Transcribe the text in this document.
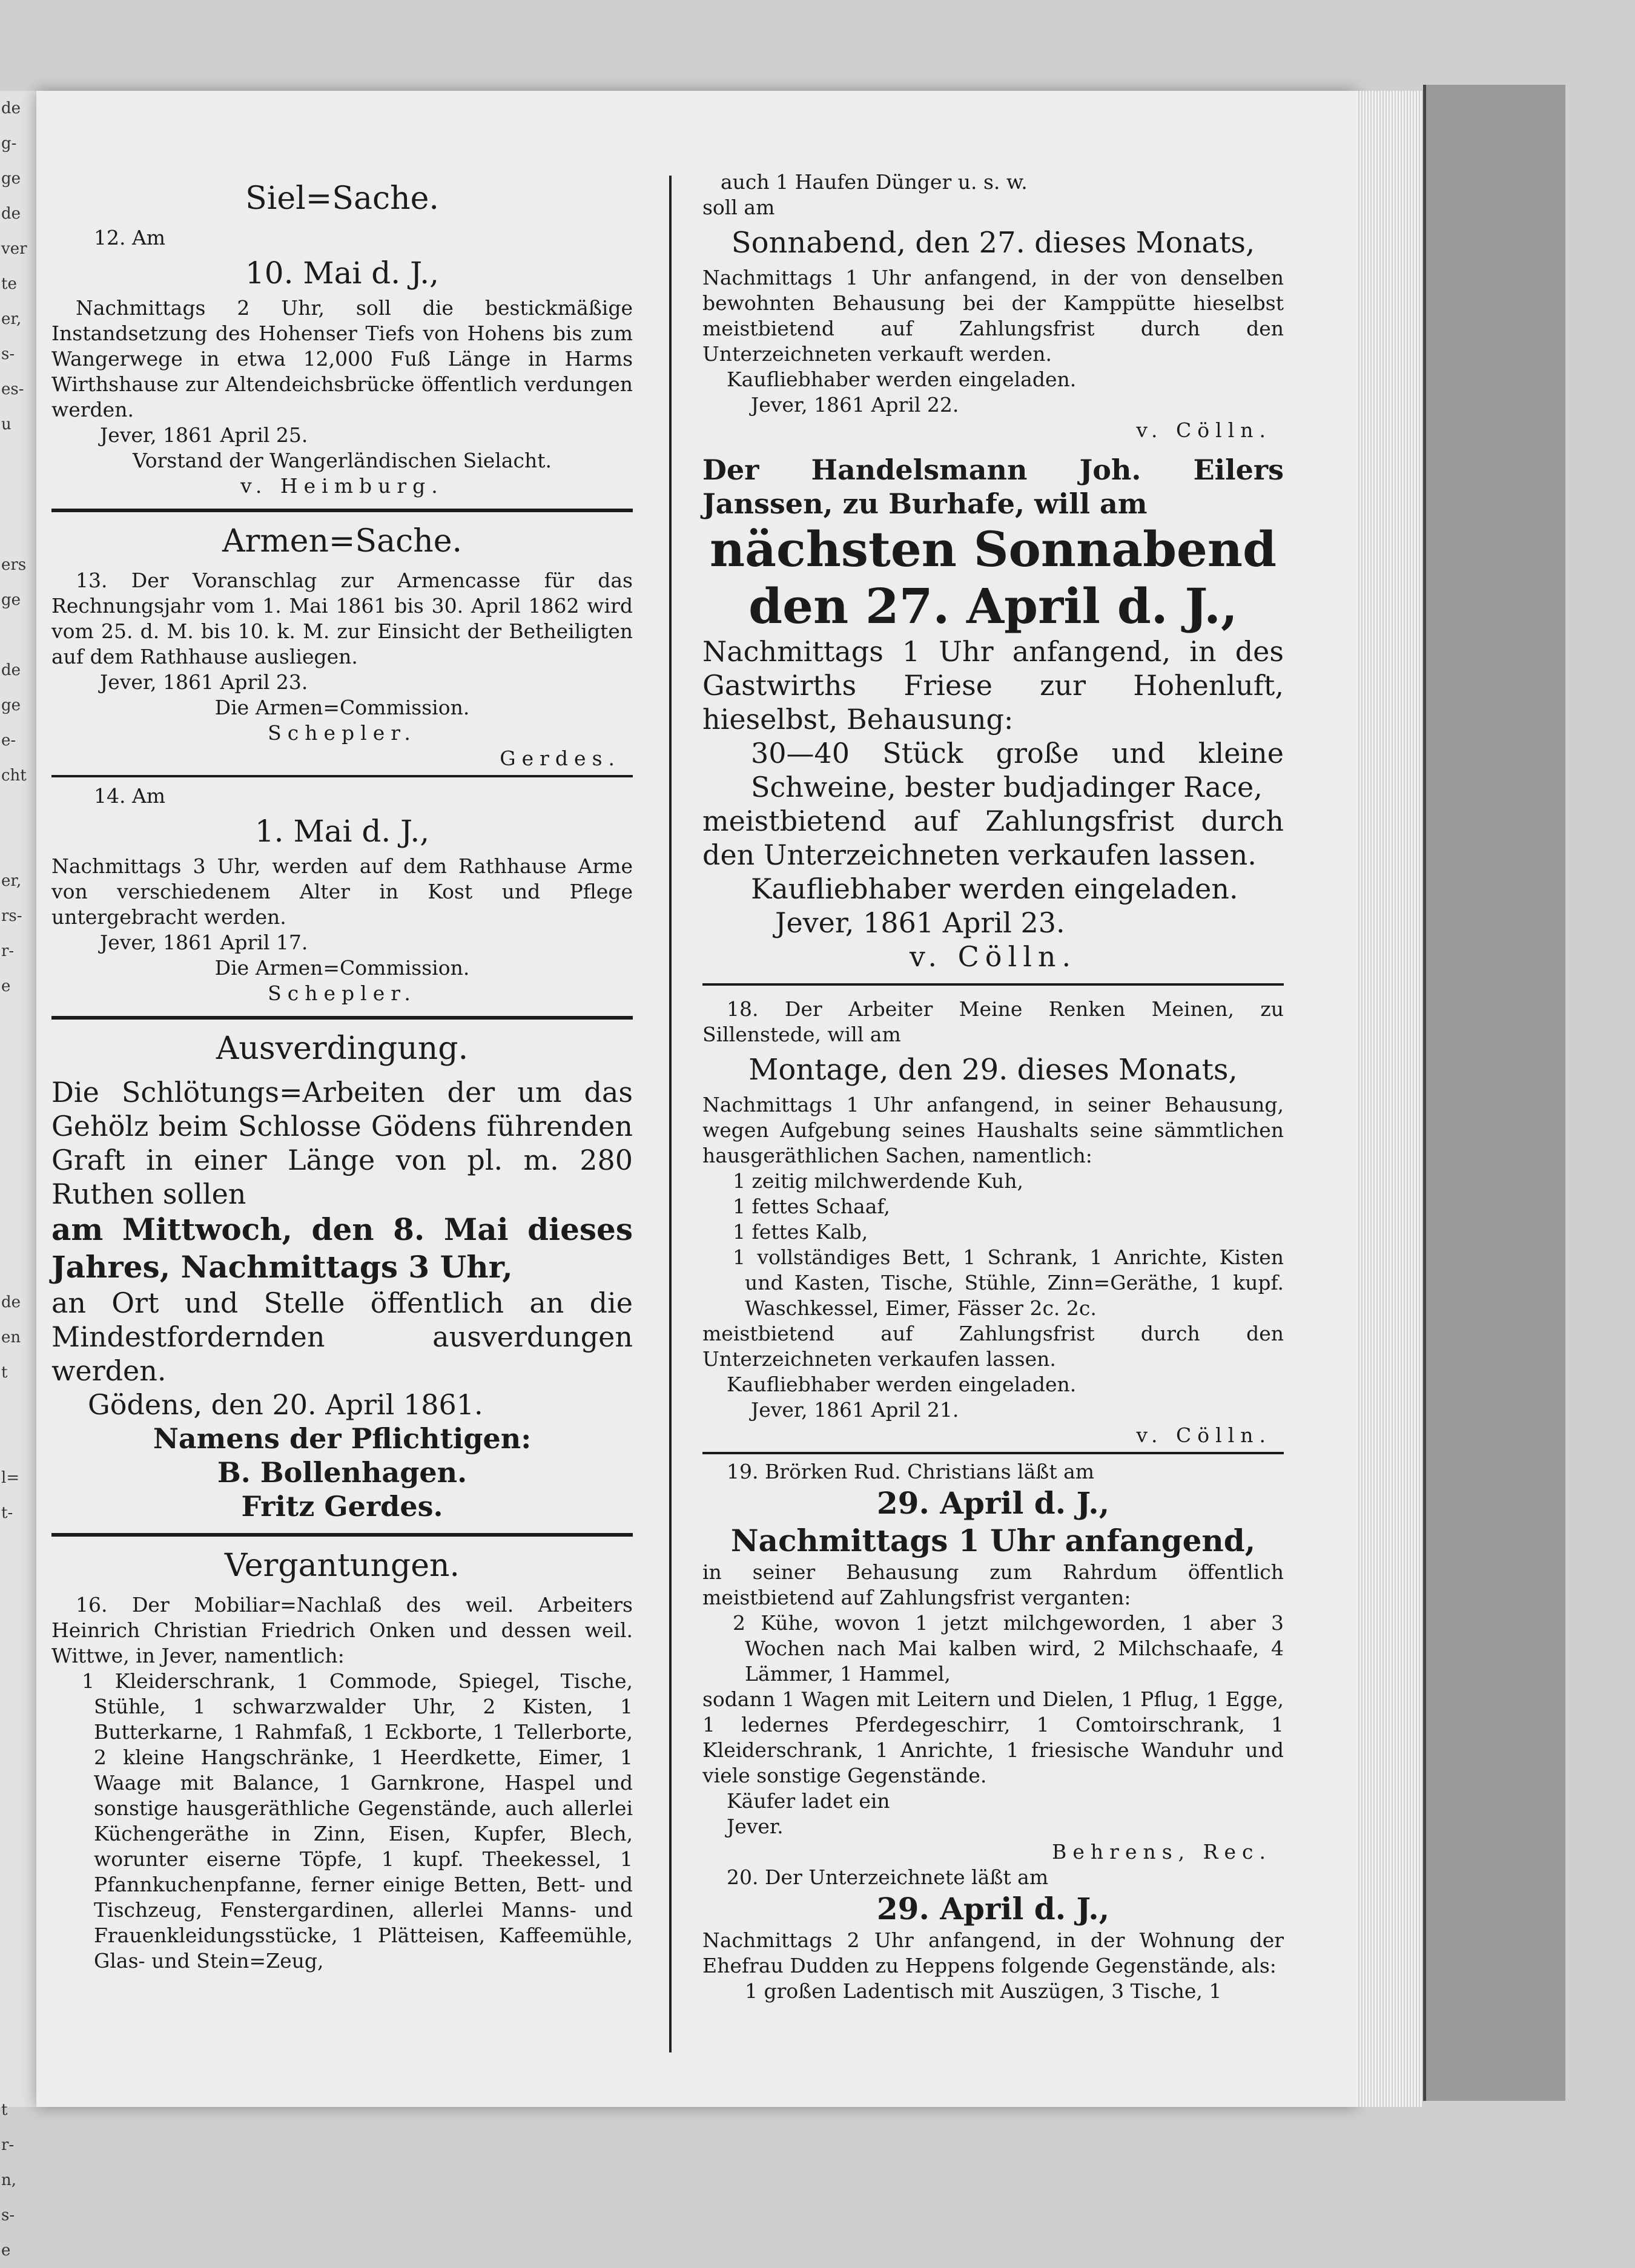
de
g-
ge
de
ver
te
er,
s-
es-
u

ers
ge

de
ge
e-
cht

er,
rs-
r-
e

de
en
t

l=
t-

t
r-
n,
s-
e
Siel=Sache.

12. Am

10. Mai d. J.,

Nachmittags 2 Uhr, soll die bestickmäßige Instandsetzung des Hohenser Tiefs von Hohens bis zum Wangerwege in etwa 12,000 Fuß Länge in Harms Wirthshause zur Altendeichsbrücke öffentlich verdungen werden.

Jever, 1861 April 25.

Vorstand der Wangerländischen Sielacht.

v. Heimburg.

Armen=Sache.

13. Der Voranschlag zur Armencasse für das Rechnungsjahr vom 1. Mai 1861 bis 30. April 1862 wird vom 25. d. M. bis 10. k. M. zur Einsicht der Betheiligten auf dem Rathhause ausliegen.

Jever, 1861 April 23.

Die Armen=Commission.

Schepler.

Gerdes.

14. Am

1. Mai d. J.,

Nachmittags 3 Uhr, werden auf dem Rathhause Arme von verschiedenem Alter in Kost und Pflege untergebracht werden.

Jever, 1861 April 17.

Die Armen=Commission.

Schepler.

Ausverdingung.

Die Schlötungs=Arbeiten der um das Gehölz beim Schlosse Gödens führenden Graft in einer Länge von pl. m. 280 Ruthen sollen

am Mittwoch, den 8. Mai dieses Jahres, Nachmittags 3 Uhr,

an Ort und Stelle öffentlich an die Mindestfordernden ausverdungen werden.

Gödens, den 20. April 1861.

Namens der Pflichtigen:

B. Bollenhagen.

Fritz Gerdes.

Vergantungen.

16. Der Mobiliar=Nachlaß des weil. Arbeiters Heinrich Christian Friedrich Onken und dessen weil. Wittwe, in Jever, namentlich:

1 Kleiderschrank, 1 Commode, Spiegel, Tische, Stühle, 1 schwarzwalder Uhr, 2 Kisten, 1 Butterkarne, 1 Rahmfaß, 1 Eckborte, 1 Tellerborte, 2 kleine Hangschränke, 1 Heerdkette, Eimer, 1 Waage mit Balance, 1 Garnkrone, Haspel und sonstige hausgeräthliche Gegenstände, auch allerlei Küchengeräthe in Zinn, Eisen, Kupfer, Blech, worunter eiserne Töpfe, 1 kupf. Theekessel, 1 Pfannkuchenpfanne, ferner einige Betten, Bett- und Tischzeug, Fenstergardinen, allerlei Manns- und Frauenkleidungsstücke, 1 Plätteisen, Kaffeemühle, Glas- und Stein=Zeug,

auch 1 Haufen Dünger u. s. w.

soll am

Sonnabend, den 27. dieses Monats,

Nachmittags 1 Uhr anfangend, in der von denselben bewohnten Behausung bei der Kamppütte hieselbst meistbietend auf Zahlungsfrist durch den Unterzeichneten verkauft werden.

Kaufliebhaber werden eingeladen.

Jever, 1861 April 22.

v. Cölln.

Der Handelsmann Joh. Eilers Janssen, zu Burhafe, will am

nächsten Sonnabend

den 27. April d. J.,

Nachmittags 1 Uhr anfangend, in des Gastwirths Friese zur Hohenluft, hieselbst, Behausung:

30—40 Stück große und kleine Schweine, bester budjadinger Race,

meistbietend auf Zahlungsfrist durch den Unterzeichneten verkaufen lassen.

Kaufliebhaber werden eingeladen.

Jever, 1861 April 23.

v. Cölln.

18. Der Arbeiter Meine Renken Meinen, zu Sillenstede, will am

Montage, den 29. dieses Monats,

Nachmittags 1 Uhr anfangend, in seiner Behausung, wegen Aufgebung seines Haushalts seine sämmtlichen hausgeräthlichen Sachen, namentlich:

1 zeitig milchwerdende Kuh,

1 fettes Schaaf,

1 fettes Kalb,

1 vollständiges Bett, 1 Schrank, 1 Anrichte, Kisten und Kasten, Tische, Stühle, Zinn=Geräthe, 1 kupf. Waschkessel, Eimer, Fässer 2c. 2c.

meistbietend auf Zahlungsfrist durch den Unterzeichneten verkaufen lassen.

Kaufliebhaber werden eingeladen.

Jever, 1861 April 21.

v. Cölln.

19. Brörken Rud. Christians läßt am

29. April d. J.,

Nachmittags 1 Uhr anfangend,

in seiner Behausung zum Rahrdum öffentlich meistbietend auf Zahlungsfrist verganten:

2 Kühe, wovon 1 jetzt milchgeworden, 1 aber 3 Wochen nach Mai kalben wird, 2 Milchschaafe, 4 Lämmer, 1 Hammel,

sodann 1 Wagen mit Leitern und Dielen, 1 Pflug, 1 Egge, 1 ledernes Pferdegeschirr, 1 Comtoirschrank, 1 Kleiderschrank, 1 Anrichte, 1 friesische Wanduhr und viele sonstige Gegenstände.

Käufer ladet ein

Jever.

Behrens, Rec.

20. Der Unterzeichnete läßt am

29. April d. J.,

Nachmittags 2 Uhr anfangend, in der Wohnung der Ehefrau Dudden zu Heppens folgende Gegenstände, als:

1 großen Ladentisch mit Auszügen, 3 Tische, 1
